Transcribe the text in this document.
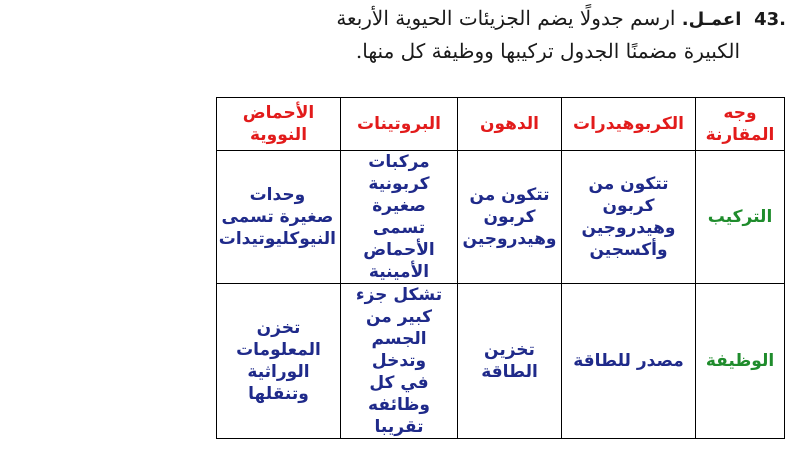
43.  اعمـل. ارسم جدولًا يضم الجزيئات الحيوية الأربعة

الكبيرة مضمنًا الجدول تركيبها ووظيفة كل منها.

وجه
المقارنة	الكربوهيدرات	الدهون	البروتينات	الأحماض
النووية
التركيب	تتكون من
كربون
وهيدروجين
وأكسجين	تتكون من
كربون
وهيدروجين	مركبات
كربونية
صغيرة تسمى
الأحماض
الأمينية	وحدات
صغيرة تسمى
النيوكليوتيدات
الوظيفة	مصدر للطاقة	تخزين
الطاقة	تشكل جزء
كبير من
الجسم وتدخل
في كل
وظائفه تقريبا	تخزن
المعلومات
الوراثية
وتنقلها
